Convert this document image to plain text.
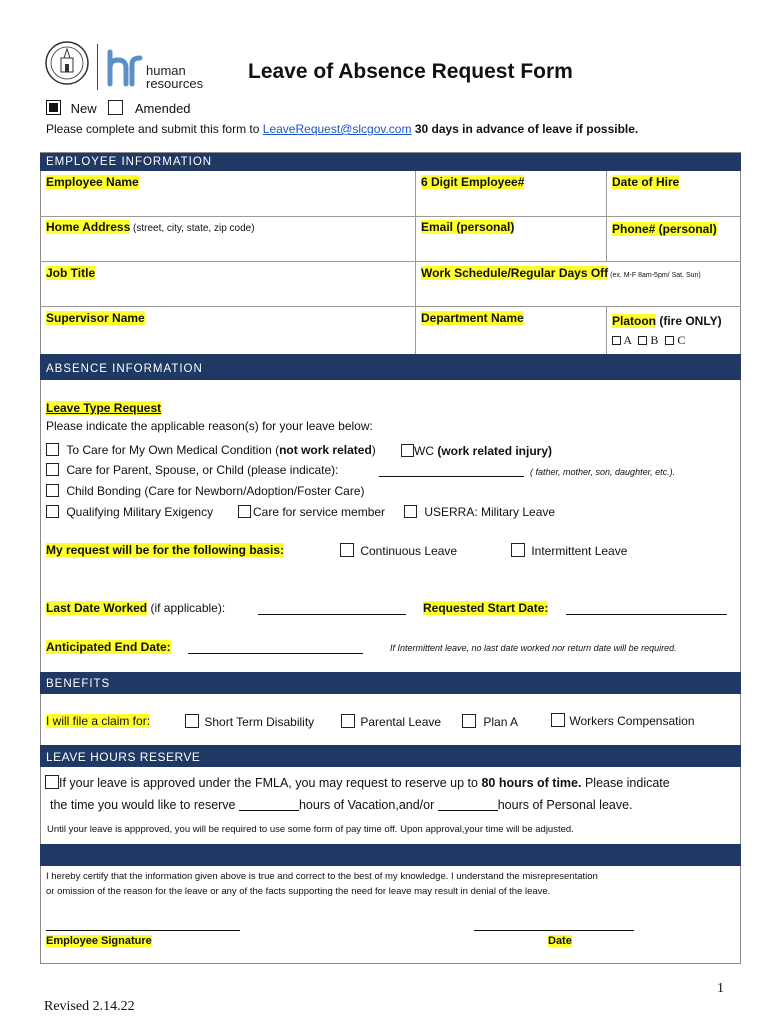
human
resources
Leave of Absence Request Form
New	Amended
Please complete and submit this form to LeaveRequest@slcgov.com 30 days in advance of leave if possible.
EMPLOYEE INFORMATION
Employee Name	6 Digit Employee#	Date of Hire
Home Address (street, city, state, zip code)	Email (personal)	Phone# (personal)
Job Title	Work Schedule/Regular Days Off (ex. M-F 8am-5pm/ Sat. Sun)
Supervisor Name	Department Name	Platoon (fire ONLY)
A B C
ABSENCE INFORMATION
Leave Type Request
Please indicate the applicable reason(s) for your leave below:
To Care for My Own Medical Condition (not work related)	WC (work related injury)
Care for Parent, Spouse, or Child (please indicate):	( father, mother, son, daughter, etc.).
Child Bonding (Care for Newborn/Adoption/Foster Care)
Qualifying Military Exigency	Care for service member	USERRA: Military Leave
My request will be for the following basis:	Continuous Leave	Intermittent Leave
Last Date Worked (if applicable):	Requested Start Date:
Anticipated End Date:	If Intermittent leave, no last date worked nor return date will be required.
BENEFITS
I will file a claim for:	Short Term Disability	Parental Leave	Plan A	Workers Compensation
LEAVE HOURS RESERVE
If your leave is approved under the FMLA, you may request to reserve up to 80 hours of time. Please indicate
the time you would like to reserve	hours of Vacation,and/or	hours of Personal leave.
Until your leave is appproved, you will be required to use some form of pay time off. Upon approval,your time will be adjusted.
I hereby certify that the information given above is true and correct to the best of my knowledge. I understand the misrepresentation
or omission of the reason for the leave or any of the facts supporting the need for leave may result in denial of the leave.
Employee Signature	Date
1
Revised 2.14.22
